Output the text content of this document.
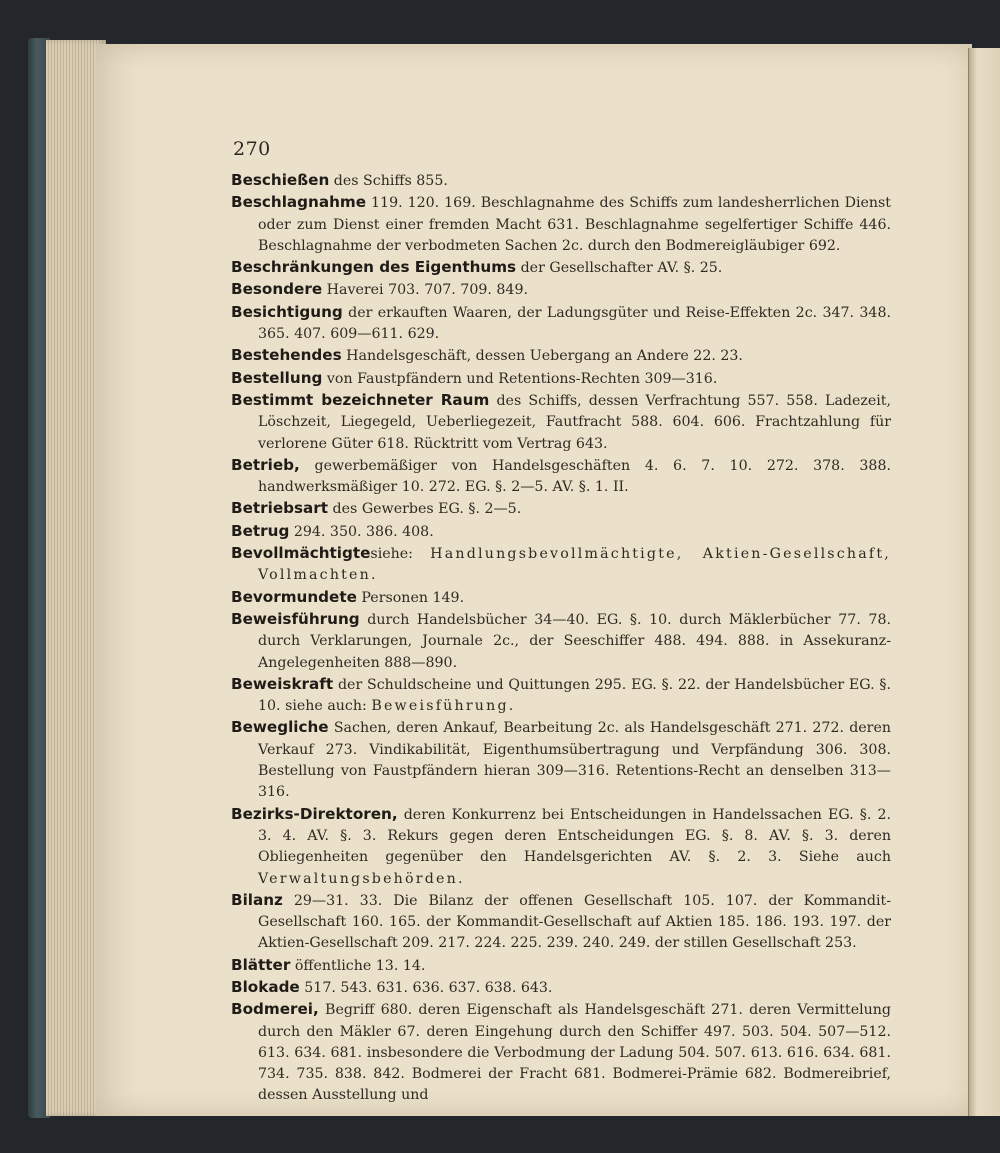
270
Beschießen des Schiffs 855.
Beschlagnahme 119. 120. 169. Beschlagnahme des Schiffs zum landesherrlichen Dienst oder zum Dienst einer fremden Macht 631. Beschlagnahme segelfertiger Schiffe 446. Beschlagnahme der verbodmeten Sachen 2c. durch den Bodmereigläubiger 692.
Beschränkungen des Eigenthums der Gesellschafter AV. §. 25.
Besondere Haverei 703. 707. 709. 849.
Besichtigung der erkauften Waaren, der Ladungsgüter und Reise-Effekten 2c. 347. 348. 365. 407. 609—611. 629.
Bestehendes Handelsgeschäft, dessen Uebergang an Andere 22. 23.
Bestellung von Faustpfändern und Retentions-Rechten 309—316.
Bestimmt bezeichneter Raum des Schiffs, dessen Verfrachtung 557. 558. Ladezeit, Löschzeit, Liegegeld, Ueberliegezeit, Fautfracht 588. 604. 606. Frachtzahlung für verlorene Güter 618. Rücktritt vom Vertrag 643.
Betrieb, gewerbemäßiger von Handelsgeschäften 4. 6. 7. 10. 272. 378. 388. handwerksmäßiger 10. 272. EG. §. 2—5. AV. §. 1. II.
Betriebsart des Gewerbes EG. §. 2—5.
Betrug 294. 350. 386. 408.
Bevollmächtigtesiehe: Handlungsbevollmächtigte, Aktien-Gesellschaft, Vollmachten.
Bevormundete Personen 149.
Beweisführung durch Handelsbücher 34—40. EG. §. 10. durch Mäklerbücher 77. 78. durch Verklarungen, Journale 2c., der Seeschiffer 488. 494. 888. in Assekuranz-Angelegenheiten 888—890.
Beweiskraft der Schuldscheine und Quittungen 295. EG. §. 22. der Handelsbücher EG. §. 10. siehe auch: Beweisführung.
Bewegliche Sachen, deren Ankauf, Bearbeitung 2c. als Handelsgeschäft 271. 272. deren Verkauf 273. Vindikabilität, Eigenthumsübertragung und Verpfändung 306. 308. Bestellung von Faustpfändern hieran 309—316. Retentions-Recht an denselben 313—316.
Bezirks-Direktoren, deren Konkurrenz bei Entscheidungen in Handelssachen EG. §. 2. 3. 4. AV. §. 3. Rekurs gegen deren Entscheidungen EG. §. 8. AV. §. 3. deren Obliegenheiten gegenüber den Handelsgerichten AV. §. 2. 3. Siehe auch Verwaltungsbehörden.
Bilanz 29—31. 33. Die Bilanz der offenen Gesellschaft 105. 107. der Kommandit-Gesellschaft 160. 165. der Kommandit-Gesellschaft auf Aktien 185. 186. 193. 197. der Aktien-Gesellschaft 209. 217. 224. 225. 239. 240. 249. der stillen Gesellschaft 253.
Blätter öffentliche 13. 14.
Blokade 517. 543. 631. 636. 637. 638. 643.
Bodmerei, Begriff 680. deren Eigenschaft als Handelsgeschäft 271. deren Vermittelung durch den Mäkler 67. deren Eingehung durch den Schiffer 497. 503. 504. 507—512. 613. 634. 681. insbesondere die Verbodmung der Ladung 504. 507. 613. 616. 634. 681. 734. 735. 838. 842. Bodmerei der Fracht 681. Bodmerei-Prämie 682. Bodmereibrief, dessen Ausstellung und
